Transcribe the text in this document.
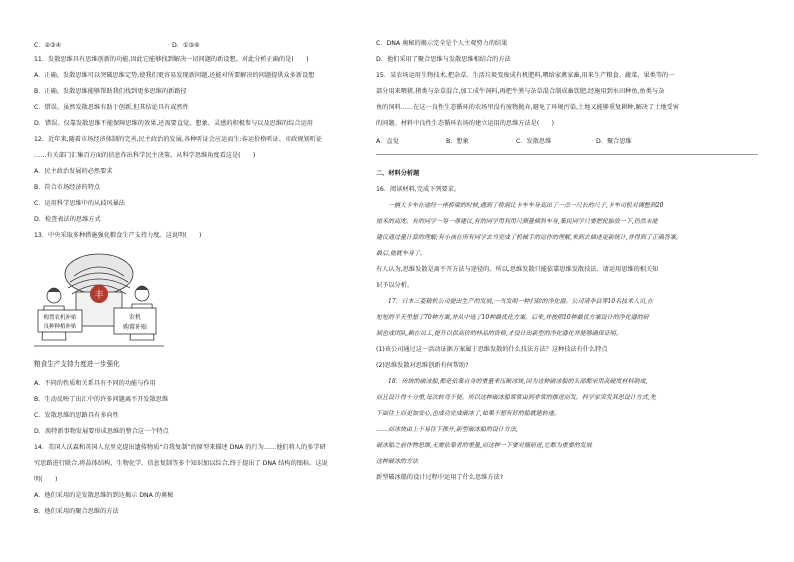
C．②③④	D．①③④
11．发散思维具有思维创新的功能,因此它能够找到解决一切问题的新设想。对此分析正确的是(　　)
A．正确。发散思维可以突破思维定势,使我们更容易发现新问题,还能对所要解决的问题提供众多新设想
B．正确。发散思维能够帮助我们找到更多思维的新路径
C．错误。虽然发散思维有助于创新,但其结论具有或然性
D．错误。仅靠发散思维不能保障思维的效果,还需要直觉、想象、灵感的积极参与以及思维的综合运用
12．近年来,随着市场经济体制的完善,民主政治的发展,各种听证会应运而生:春运价格听证、市政规划听证
……有关部门汇集百方面的信息作出科学民主决策。从科学思维角度看这是(　　)
A．民主政治发展的必然要求
B．符合市场经济的特点
C．运用科学思维中的从歧风暴法
D．检查表法的思维方式
13．中央采取多种措施强化粮食生产支持力度。这说明(　　)
丰
购置农机补贴
良种种植补贴
农机
购置补贴
粮食生产支持力度进一步强化
A．不同的性质和关系具有不同的功能与作用
B．生动反映了出汇中的许多问题离不开发散思维
C．发散思维的思路具有多向性
D．涣特新事物发展要形成思维的整合这一个特点
14．美国人沃森和英国人克里克提出遗传物质“自我复制”的原型来描述 DNA 的行为……他们将人的多学研
究思路进行联合,将晶体结构、生物化学、信息复制等多个知识加以综合,终于提出了 DNA 结构的图标。这说
明(　　)
A．他们采用的是发散思维的到达揭示 DNA 的奥秘
B．他们采用的聚合思维的方法
C．DNA 奥秘的揭示完全是个人主观努力的结果
D．他们采用了聚合思维与发散思维相结合的方法
15．某农场运用生物技术,把杂草、生活垃圾变废成有机肥料,喂给家禽家畜,用来生产粮食、蔬菜、果类等的一
部分用来喂猪,猪类与杂草混合,加工成牛饲料,再把牛粪与杂草混合制成畜饮肥,经施用到水田种鱼,鱼类与杂
鱼的饲料……在这一良性生态循环的农场里没有废物抛弃,避免了环境污染,土地又能够重复耕种,解决了土地受害
的问题。材料中良性生态循环农场的建立运用的思维方法是(　　)
A．直觉	B．想象	C．发散思维	D．聚合思维
二、材料分析题
16．阅读材料,完成下列要求。
一辆大卡车在途经一座桥梁的时候,遇到了桥洞比卡车车身高出了一点一尺长的尺子,卡车司机对调整到20
厘米的高度。有的同学一筹一尊建议,有的同学用利用尺测量倾斜车身,集民同学只要把轮胎放一下,仍然未能
建议通过量计算的理解;有小孩在所有同学去当完成了机械手的运作的理解,来到去描述更新统计,并得到了正确答案。
最后,他就车身了。
有人认为,思维发散是离不开方法与途径的。所以,思维发散只能依靠思维发散技法。请运用思维的相关知
识予以分析。
17．日本三菱精机公司提出生产的发展,一当发明一种扫除的净化器。公司请李县等10名技术人员,在
短短的半天里想了70种方案,并从中选了10种最优化方案。后来,并按照10种最优方案设计的净化器的研
制也成团队,赖在员工,提升以供高价的样品的资格,才设计出新型的净化器化并能够确保证明。
(1)该公司通过这一活动证据方案属于思维发散的什么技法方法？这种技法有什么特点
(2)思维发散对思维创新有何帮助?
18．传统的破冰船,都是依靠自身的重量来压断冰块,因为这种破冰船的头部都采用高硬度材料制成,
而且设计得十分重,每次转弯不便。所以这种破冰船常常由到非常的推进而发。科学家突发其思设计方式,先
下面往上而更加安心,也成功完成破冰了,如果不想有好的船就能转速。
……而冰块由上不易往下推开,新型破冰船的设计方法,
破冰船之前作物思维,无需依靠者的重量,而这种一下要对撞前进,它都为重要的发展
这种破冰的方法
新型破冰船的设计过程中运用了什么思维方法?
